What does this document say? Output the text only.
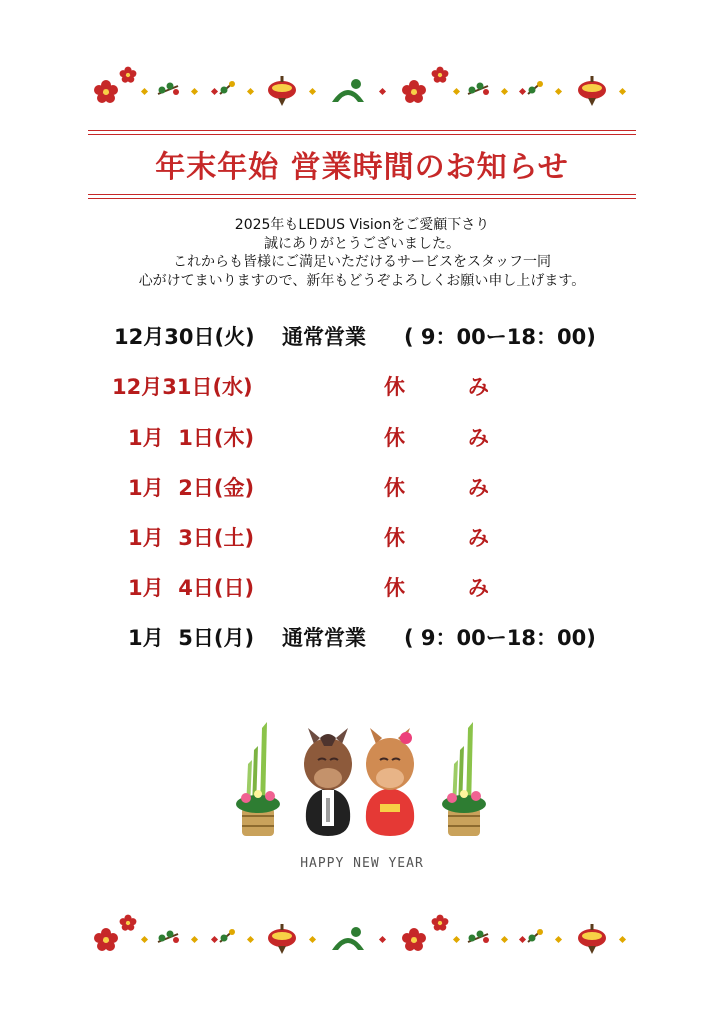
年末年始 営業時間のお知らせ
2025年もLEDUS Visionをご愛顧下さり
誠にありがとうございました。
これからも皆様にご満足いただけるサービスをスタッフ一同
心がけてまいりますので、新年もどうぞよろしくお願い申し上げます。
12月30日(火) 通常営業 ( 9：00ー18：00)
12月31日(水)	休　　　み
1月  1日(木)	休　　　み
1月  2日(金)	休　　　み
1月  3日(土)	休　　　み
1月  4日(日)	休　　　み
1月  5日(月) 通常営業 ( 9：00ー18：00)
HAPPY NEW YEAR
